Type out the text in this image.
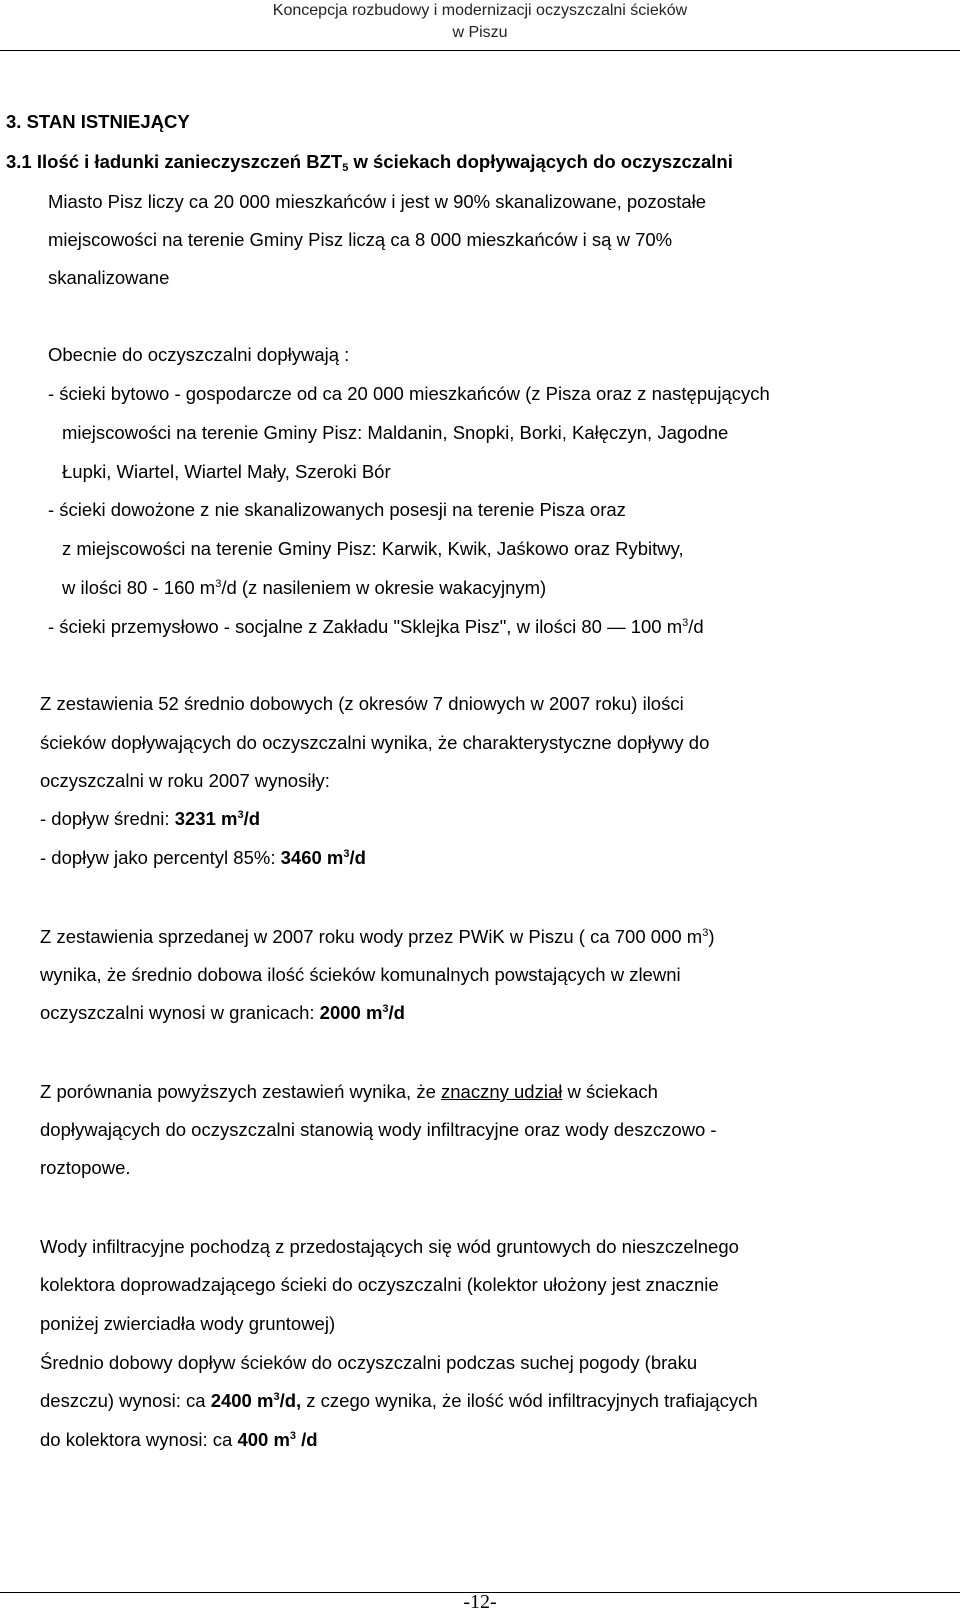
Koncepcja rozbudowy i modernizacji oczyszczalni ścieków
w Piszu
3. STAN ISTNIEJĄCY
3.1 Ilość i ładunki zanieczyszczeń $BZT_5$ w ściekach dopływających do oczyszczalni
Miasto Pisz liczy ca 20 000 mieszkańców i jest w 90% skanalizowane, pozostałe
miejscowości na terenie Gminy Pisz liczą ca 8 000 mieszkańców i są w 70%
skanalizowane
Obecnie do oczyszczalni dopływają :
- ścieki bytowo - gospodarcze od ca 20 000 mieszkańców (z Pisza oraz z następujących
miejscowości na terenie Gminy Pisz: Maldanin, Snopki, Borki, Kałęczyn, Jagodne
Łupki, Wiartel, Wiartel Mały, Szeroki Bór
- ścieki dowożone z nie skanalizowanych posesji na terenie Pisza oraz
z miejscowości na terenie Gminy Pisz: Karwik, Kwik, Jaśkowo oraz Rybitwy,
w ilości 80 - 160 $m^3/d$ (z nasileniem w okresie wakacyjnym)
- ścieki przemysłowo - socjalne z Zakładu "Sklejka Pisz", w ilości 80 — 100 $m^3/d$
Z zestawienia 52 średnio dobowych (z okresów 7 dniowych w 2007 roku) ilości
ścieków dopływających do oczyszczalni wynika, że charakterystyczne dopływy do
oczyszczalni w roku 2007 wynosiły:
- dopływ średni: 3231 $m^3/d$
- dopływ jako percentyl 85%: 3460 $m^3/d$
Z zestawienia sprzedanej w 2007 roku wody przez PWiK w Piszu ( ca 700 000 $m^3$)
wynika, że średnio dobowa ilość ścieków komunalnych powstających w zlewni
oczyszczalni wynosi w granicach: 2000 $m^3/d$
Z porównania powyższych zestawień wynika, że znaczny udział w ściekach
dopływających do oczyszczalni stanowią wody infiltracyjne oraz wody deszczowo -
roztopowe.
Wody infiltracyjne pochodzą z przedostających się wód gruntowych do nieszczelnego
kolektora doprowadzającego ścieki do oczyszczalni (kolektor ułożony jest znacznie
poniżej zwierciadła wody gruntowej)
Średnio dobowy dopływ ścieków do oczyszczalni podczas suchej pogody (braku
deszczu) wynosi: ca 2400 $m^3/d$, z czego wynika, że ilość wód infiltracyjnych trafiających
do kolektora wynosi: ca 400 $m^3$ /d
-12-
